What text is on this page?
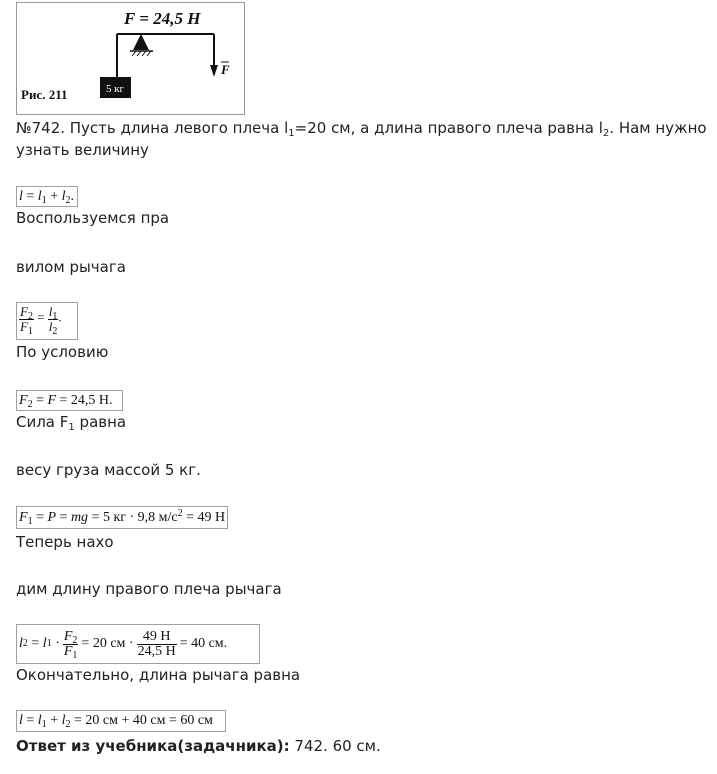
F = 24,5 H
F
5 кг
Рис. 211
№742. Пусть длина левого плеча $l_1=20$ см, а длина правого плеча равна $l_2$. Нам нужно
узнать величину
$l = l_1 + l_2$.
Воспользуемся пра
вилом рычага
$\frac{F_2}{F_1} = \frac{l_1}{l_2}$ .
По условию
$F_2 = F = 24,5$ H.
Сила $F_1$ равна
весу груза массой 5 кг.
$F_1 = P$ = mg = 5 кг · 9,8 $м/с^2 = 49$ H
Теперь нахо
дим длину правого плеча рычага
l 2
=
l 1
· $\frac{F_2}{F_1} = 20$ см · $\frac{49 H}{24,5 H} = 40$ см.
Окончательно, длина рычага равна
$l = l_1 + l_2 = 20$ см + 40 см = 60 см
Ответ из учебника(задачника): 742. 60 см.
